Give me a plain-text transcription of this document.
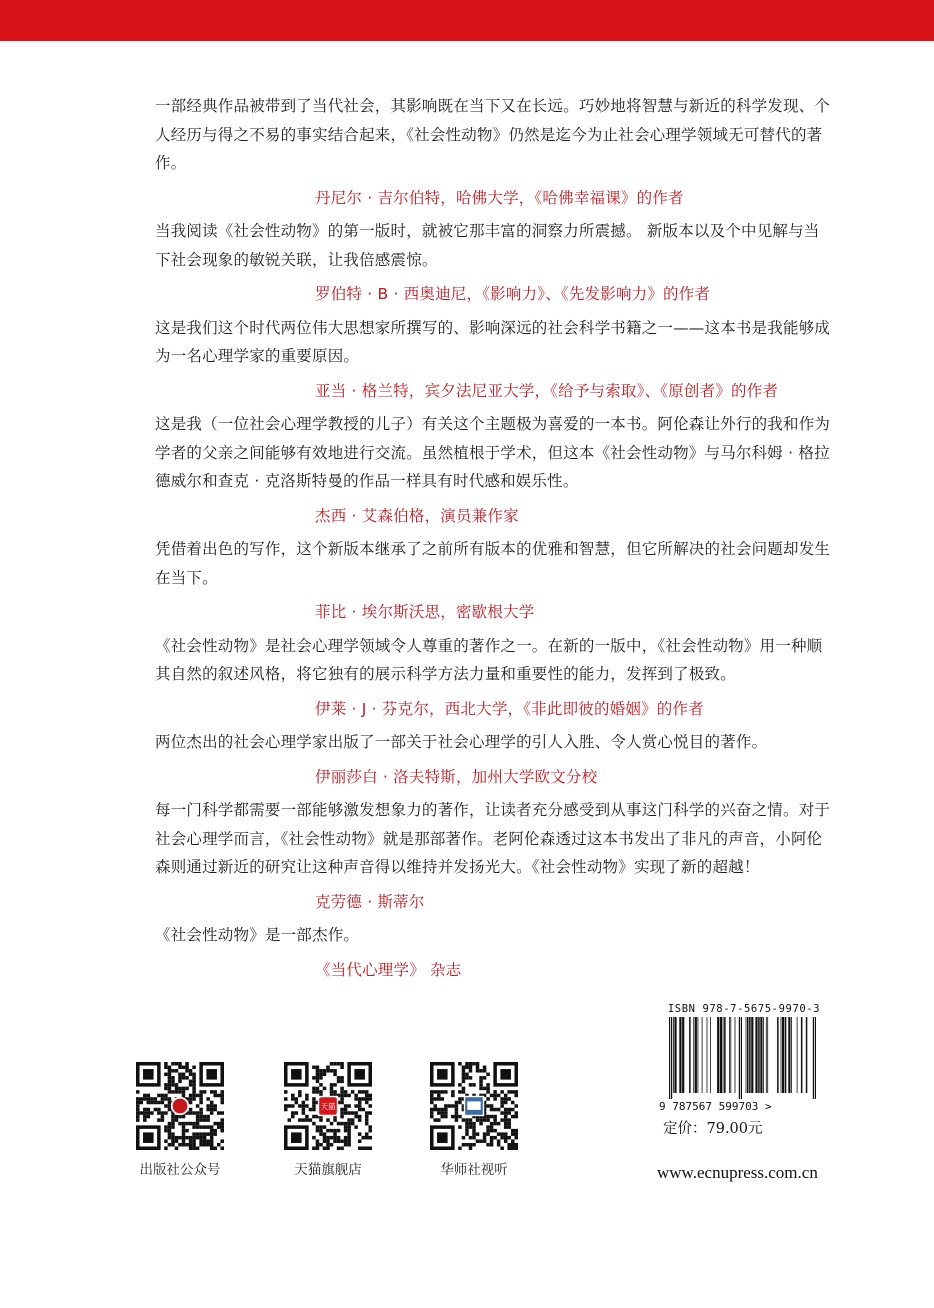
一部经典作品被带到了当代社会，其影响既在当下又在长远。巧妙地将智慧与新近的科学发现、个人经历与得之不易的事实结合起来，《社会性动物》仍然是迄今为止社会心理学领域无可替代的著作。

丹尼尔 · 吉尔伯特，哈佛大学，《哈佛幸福课》的作者

当我阅读《社会性动物》的第一版时，就被它那丰富的洞察力所震撼。 新版本以及个中见解与当下社会现象的敏锐关联，让我倍感震惊。

罗伯特 · B · 西奥迪尼，《影响力》、《先发影响力》的作者

这是我们这个时代两位伟大思想家所撰写的、影响深远的社会科学书籍之一——这本书是我能够成为一名心理学家的重要原因。

亚当 · 格兰特，宾夕法尼亚大学，《给予与索取》、《原创者》的作者

这是我（一位社会心理学教授的儿子）有关这个主题极为喜爱的一本书。阿伦森让外行的我和作为学者的父亲之间能够有效地进行交流。虽然植根于学术，但这本《社会性动物》与马尔科姆 · 格拉德威尔和查克 · 克洛斯特曼的作品一样具有时代感和娱乐性。

杰西 · 艾森伯格，演员兼作家

凭借着出色的写作，这个新版本继承了之前所有版本的优雅和智慧，但它所解决的社会问题却发生在当下。

菲比 · 埃尔斯沃思，密歇根大学

《社会性动物》是社会心理学领域令人尊重的著作之一。在新的一版中，《社会性动物》用一种顺其自然的叙述风格，将它独有的展示科学方法力量和重要性的能力，发挥到了极致。

伊莱 · J · 芬克尔，西北大学，《非此即彼的婚姻》的作者

两位杰出的社会心理学家出版了一部关于社会心理学的引人入胜、令人赏心悦目的著作。

伊丽莎白 · 洛夫特斯，加州大学欧文分校

每一门科学都需要一部能够激发想象力的著作，让读者充分感受到从事这门科学的兴奋之情。对于社会心理学而言，《社会性动物》就是那部著作。老阿伦森透过这本书发出了非凡的声音，小阿伦森则通过新近的研究让这种声音得以维持并发扬光大。《社会性动物》实现了新的超越！

克劳德 · 斯蒂尔

《社会性动物》是一部杰作。

《当代心理学》 杂志

出版社公众号
天猫
天猫旗舰店	华师社视听
ISBN 978-7-5675-9970-3
9 787567 599703 >
定价：79.00元
www.ecnupress.com.cn
